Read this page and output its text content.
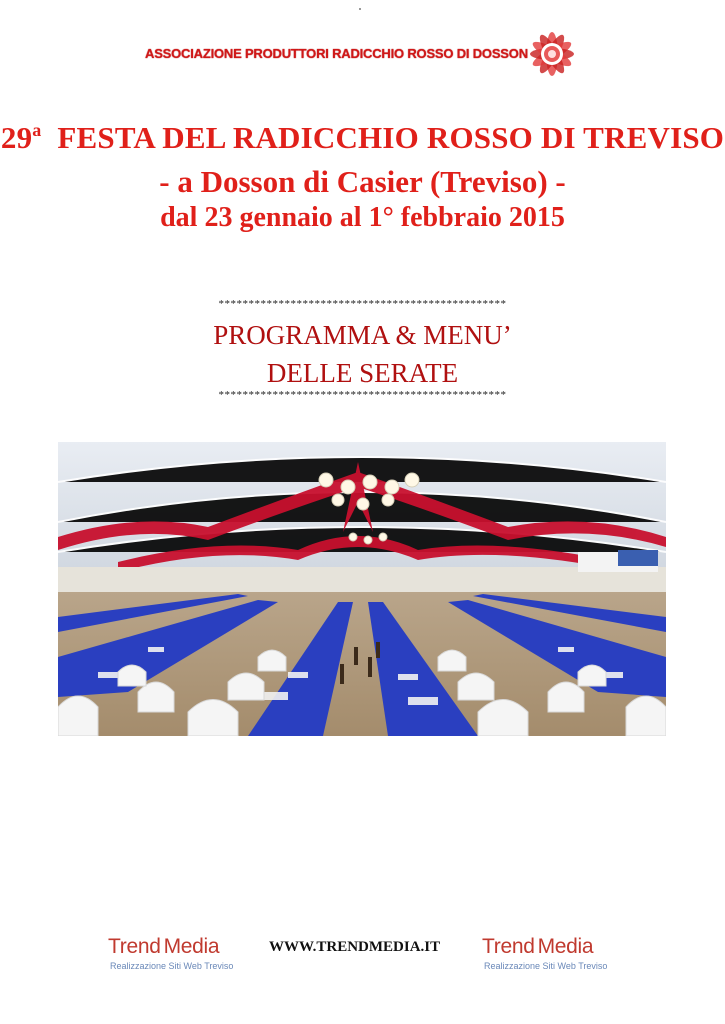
ASSOCIAZIONE PRODUTTORI RADICCHIO ROSSO DI DOSSON
29$^a$  FESTA DEL RADICCHIO ROSSO DI TREVISO
- a Dosson di Casier (Treviso) -
dal 23 gennaio al 1° febbraio 2015
************************************************
PROGRAMMA & MENU’
DELLE SERATE
************************************************
Trend Media
Realizzazione Siti Web Treviso
WWW.TRENDMEDIA.IT Trend Media
Realizzazione Siti Web Treviso
